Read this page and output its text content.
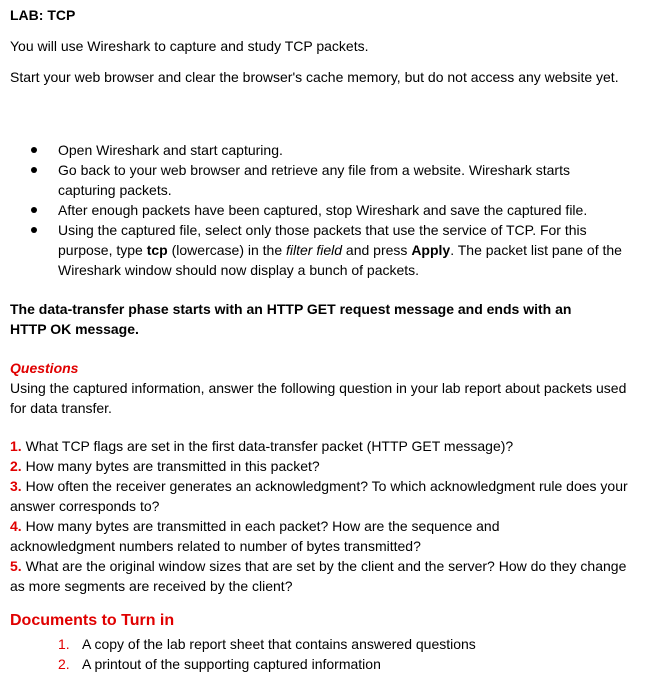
LAB: TCP
You will use Wireshark to capture and study TCP packets.
Start your web browser and clear the browser's cache memory, but do not access any website yet.
Open Wireshark and start capturing.
Go back to your web browser and retrieve any file from a website. Wireshark starts capturing packets.
After enough packets have been captured, stop Wireshark and save the captured file.
Using the captured file, select only those packets that use the service of TCP. For this purpose, type tcp (lowercase) in the filter field and press Apply. The packet list pane of the Wireshark window should now display a bunch of packets.
The data-transfer phase starts with an HTTP GET request message and ends with an HTTP OK message.
Questions
Using the captured information, answer the following question in your lab report about packets used for data transfer.
1. What TCP flags are set in the first data-transfer packet (HTTP GET message)?
2. How many bytes are transmitted in this packet?
3. How often the receiver generates an acknowledgment? To which acknowledgment rule does your answer corresponds to?
4. How many bytes are transmitted in each packet? How are the sequence and acknowledgment numbers related to number of bytes transmitted?
5. What are the original window sizes that are set by the client and the server? How do they change as more segments are received by the client?
Documents to Turn in
1. A copy of the lab report sheet that contains answered questions
2. A printout of the supporting captured information
